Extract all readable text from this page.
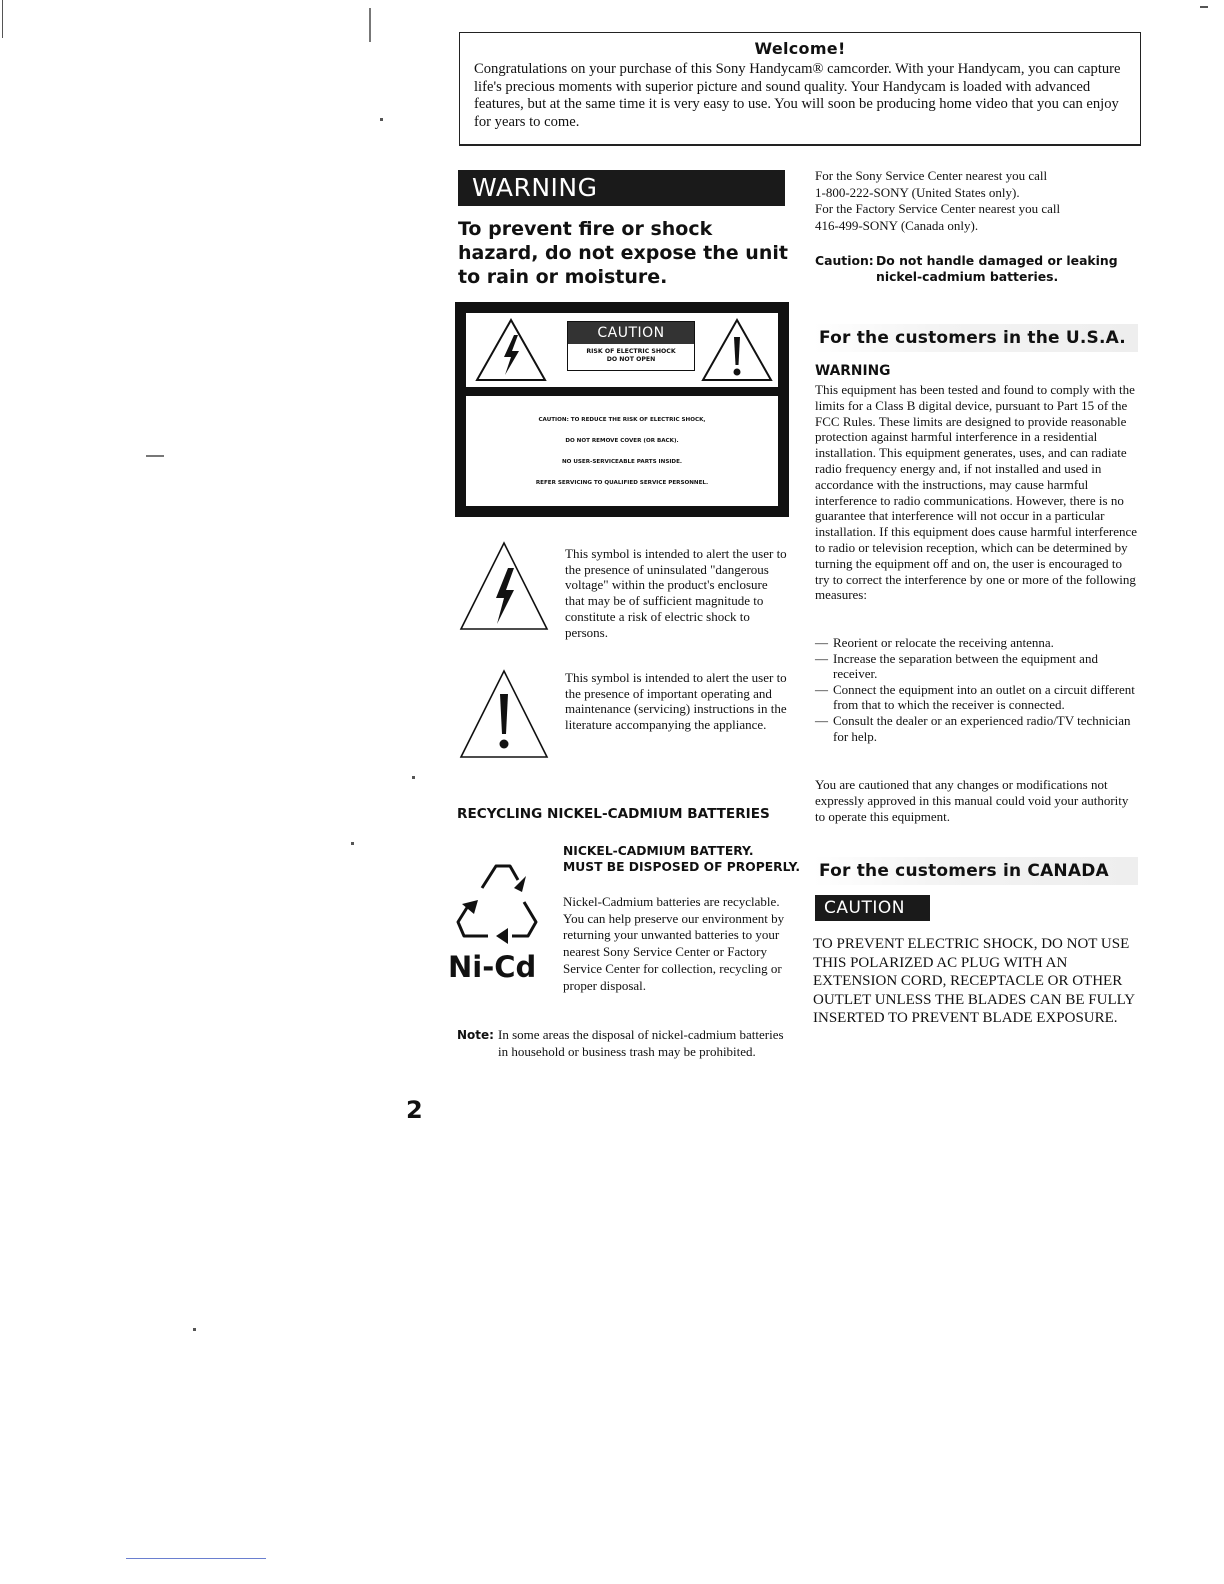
Welcome!
Congratulations on your purchase of this Sony Handycam® camcorder. With your Handycam, you can capture life's precious moments with superior picture and sound quality. Your Handycam is loaded with advanced features, but at the same time it is very easy to use. You will soon be producing home video that you can enjoy for years to come.
WARNING
To prevent fire or shock hazard, do not expose the unit to rain or moisture.
CAUTION
RISK OF ELECTRIC SHOCK
DO NOT OPEN
CAUTION: TO REDUCE THE RISK OF ELECTRIC SHOCK,
DO NOT REMOVE COVER (OR BACK).
NO USER-SERVICEABLE PARTS INSIDE.
REFER SERVICING TO QUALIFIED SERVICE PERSONNEL.
This symbol is intended to alert the user to the presence of uninsulated "dangerous voltage" within the product's enclosure that may be of sufficient magnitude to constitute a risk of electric shock to persons.
This symbol is intended to alert the user to the presence of important operating and maintenance (servicing) instructions in the literature accompanying the appliance.
RECYCLING NICKEL-CADMIUM BATTERIES
NICKEL-CADMIUM BATTERY.
MUST BE DISPOSED OF PROPERLY.
Ni-Cd
Nickel-Cadmium batteries are recyclable. You can help preserve our environment by returning your unwanted batteries to your nearest Sony Service Center or Factory Service Center for collection, recycling or proper disposal.
Note: In some areas the disposal of nickel-cadmium batteries in household or business trash may be prohibited.
2
For the Sony Service Center nearest you call
1-800-222-SONY (United States only).
For the Factory Service Center nearest you call
416-499-SONY (Canada only).
Caution: Do not handle damaged or leaking nickel-cadmium batteries.
For the customers in the U.S.A.
WARNING
This equipment has been tested and found to comply with the limits for a Class B digital device, pursuant to Part 15 of the FCC Rules. These limits are designed to provide reasonable protection against harmful interference in a residential installation. This equipment generates, uses, and can radiate radio frequency energy and, if not installed and used in accordance with the instructions, may cause harmful interference to radio communications. However, there is no guarantee that interference will not occur in a particular installation. If this equipment does cause harmful interference to radio or television reception, which can be determined by turning the equipment off and on, the user is encouraged to try to correct the interference by one or more of the following measures:
— Reorient or relocate the receiving antenna.
— Increase the separation between the equipment and receiver.
— Connect the equipment into an outlet on a circuit different from that to which the receiver is connected.
— Consult the dealer or an experienced radio/TV technician for help.
You are cautioned that any changes or modifications not expressly approved in this manual could void your authority to operate this equipment.
For the customers in CANADA
CAUTION
TO PREVENT ELECTRIC SHOCK, DO NOT USE THIS POLARIZED AC PLUG WITH AN EXTENSION CORD, RECEPTACLE OR OTHER OUTLET UNLESS THE BLADES CAN BE FULLY INSERTED TO PREVENT BLADE EXPOSURE.
